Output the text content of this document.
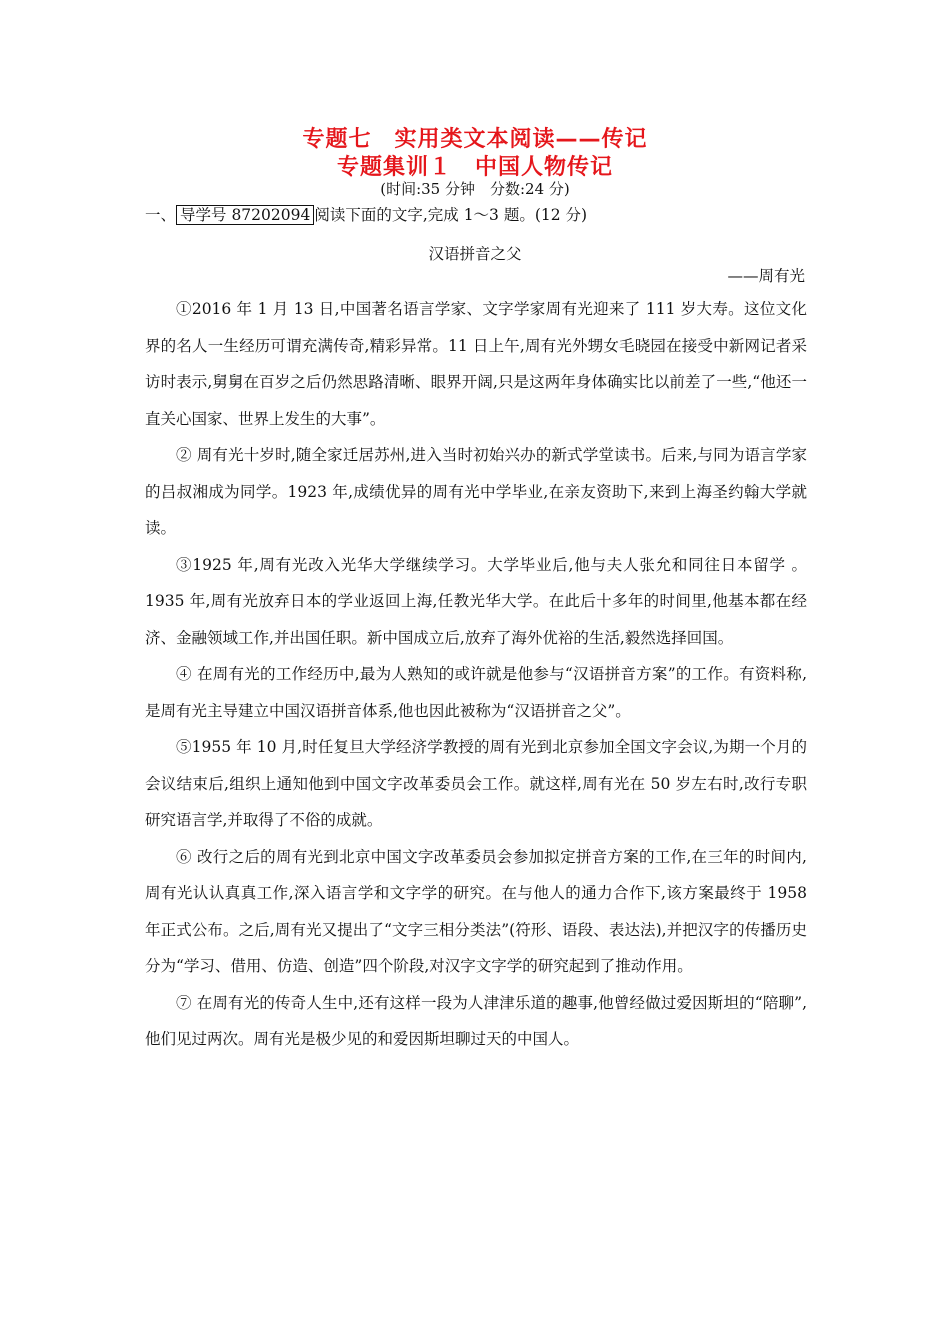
专题七　实用类文本阅读——传记
专题集训１　中国人物传记
(时间:35 分钟　分数:24 分)
一、 导学号 87202094 阅读下面的文字,完成 1～3 题。(12 分)
汉语拼音之父
——周有光

①2016 年 1 月 13 日,中国著名语言学家、文字学家周有光迎来了 111 岁大寿。这位文化界的名人一生经历可谓充满传奇,精彩异常。11 日上午,周有光外甥女毛晓园在接受中新网记者采访时表示,舅舅在百岁之后仍然思路清晰、眼界开阔,只是这两年身体确实比以前差了一些,“他还一直关心国家、世界上发生的大事”。

② 周有光十岁时,随全家迁居苏州,进入当时初始兴办的新式学堂读书。后来,与同为语言学家的吕叔湘成为同学。1923 年,成绩优异的周有光中学毕业,在亲友资助下,来到上海圣约翰大学就读。

③1925 年,周有光改入光华大学继续学习。大学毕业后,他与夫人张允和同往日本留学 。1935 年,周有光放弃日本的学业返回上海,任教光华大学。在此后十多年的时间里,他基本都在经济、金融领域工作,并出国任职。新中国成立后,放弃了海外优裕的生活,毅然选择回国。

④ 在周有光的工作经历中,最为人熟知的或许就是他参与“汉语拼音方案”的工作。有资料称,是周有光主导建立中国汉语拼音体系,他也因此被称为“汉语拼音之父”。

⑤1955 年 10 月,时任复旦大学经济学教授的周有光到北京参加全国文字会议,为期一个月的会议结束后,组织上通知他到中国文字改革委员会工作。就这样,周有光在 50 岁左右时,改行专职研究语言学,并取得了不俗的成就。

⑥ 改行之后的周有光到北京中国文字改革委员会参加拟定拼音方案的工作,在三年的时间内,周有光认认真真工作,深入语言学和文字学的研究。在与他人的通力合作下,该方案最终于 1958 年正式公布。之后,周有光又提出了“文字三相分类法”(符形、语段、表达法),并把汉字的传播历史分为“学习、借用、仿造、创造”四个阶段,对汉字文字学的研究起到了推动作用。

⑦ 在周有光的传奇人生中,还有这样一段为人津津乐道的趣事,他曾经做过爱因斯坦的“陪聊”,他们见过两次。周有光是极少见的和爱因斯坦聊过天的中国人。
